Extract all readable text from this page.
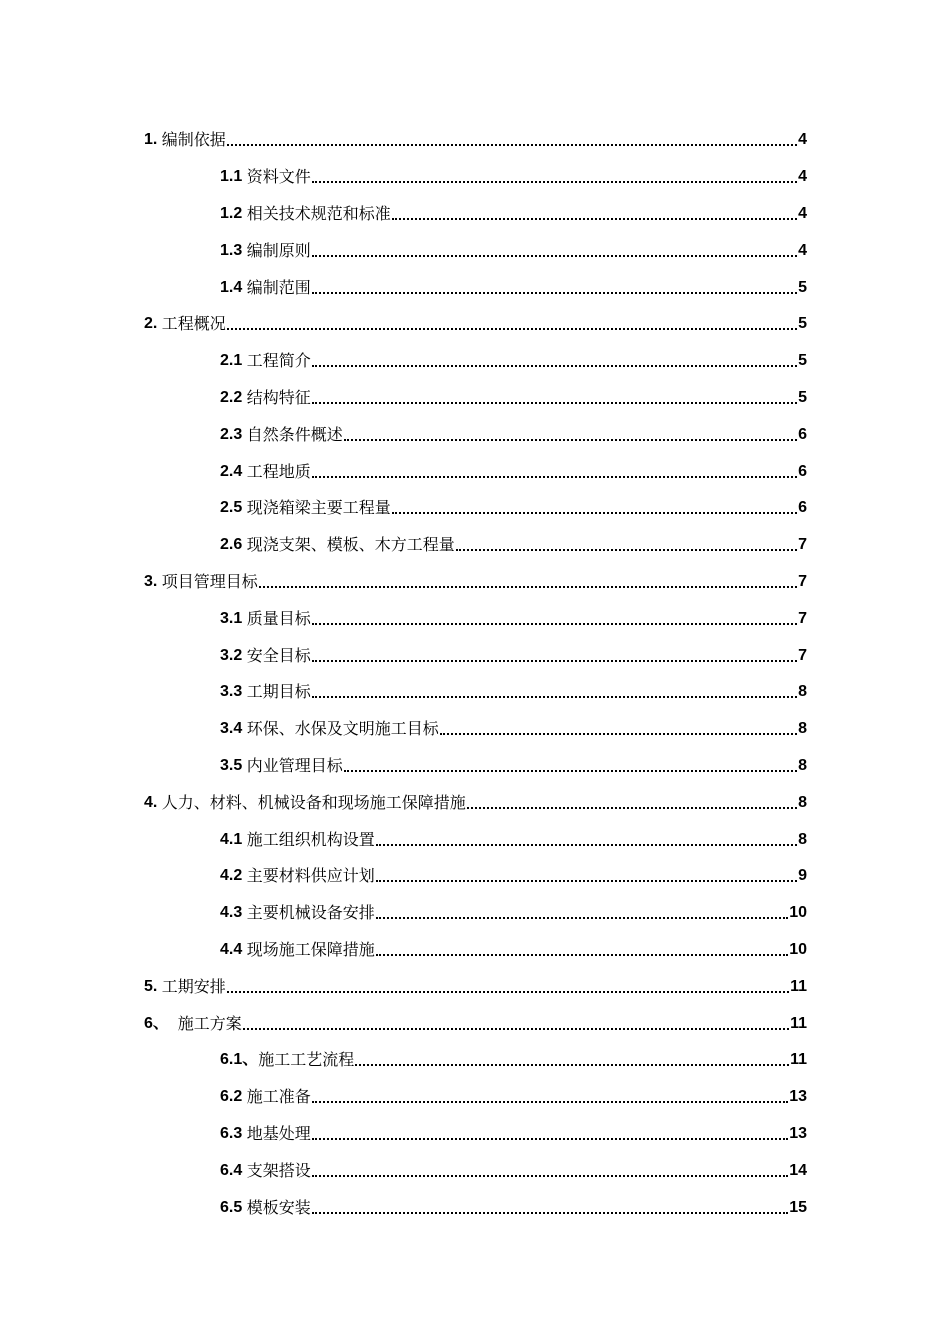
1. 编制依据	4
1.1 资料文件	4
1.2 相关技术规范和标准	4
1.3 编制原则	4
1.4 编制范围	5
2. 工程概况	5
2.1 工程简介	5
2.2 结构特征	5
2.3 自然条件概述	6
2.4 工程地质	6
2.5 现浇箱梁主要工程量	6
2.6 现浇支架、模板、木方工程量	7
3. 项目管理目标	7
3.1 质量目标	7
3.2 安全目标	7
3.3 工期目标	8
3.4 环保、水保及文明施工目标	8
3.5 内业管理目标	8
4. 人力、材料、机械设备和现场施工保障措施	8
4.1 施工组织机构设置	8
4.2 主要材料供应计划	9
4.3 主要机械设备安排	10
4.4 现场施工保障措施	10
5. 工期安排	11
6、 施工方案	11
6.1、 施工工艺流程	11
6.2 施工准备	13
6.3 地基处理	13
6.4 支架搭设	14
6.5 模板安装	15
